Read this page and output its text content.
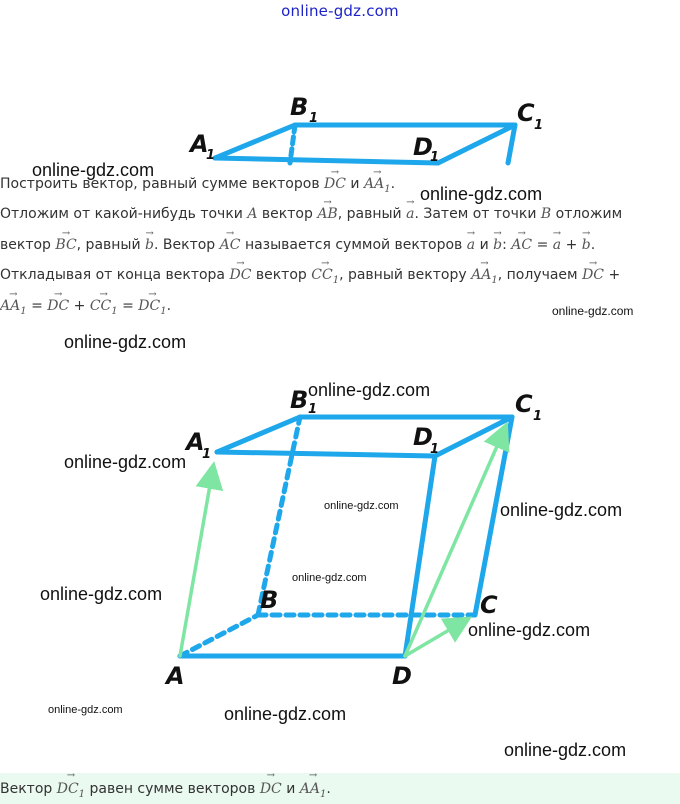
online-gdz.com
A
1
B 1	C 1
D
1
Построить вектор, равный сумме векторов → DC $и \to AA_1$.
Отложим от какой-нибудь точки A вектор → AB, равный → a. Затем от точки B отложим
вектор → BC, равный → b. Вектор → AC называется суммой векторов → a и → b: → AC = → a + → b.
Откладывая от конца вектора → DC вектор → $CC_1$, равный вектору → $AA_1$, получаем → DC +
→ $AA_1$ = → DC + → $CC_1$ = → $DC_1$.
A
1
B 1	C 1
D
1
A
B	C
D
online-gdz.com
online-gdz.com
online-gdz.com
online-gdz.com
online-gdz.com
online-gdz.com
online-gdz.com	online-gdz.com
online-gdz.com
online-gdz.com
online-gdz.com
online-gdz.com	online-gdz.com
online-gdz.com
Вектор → $DC_1$ равен сумме векторов → DC $и \to AA_1$.
